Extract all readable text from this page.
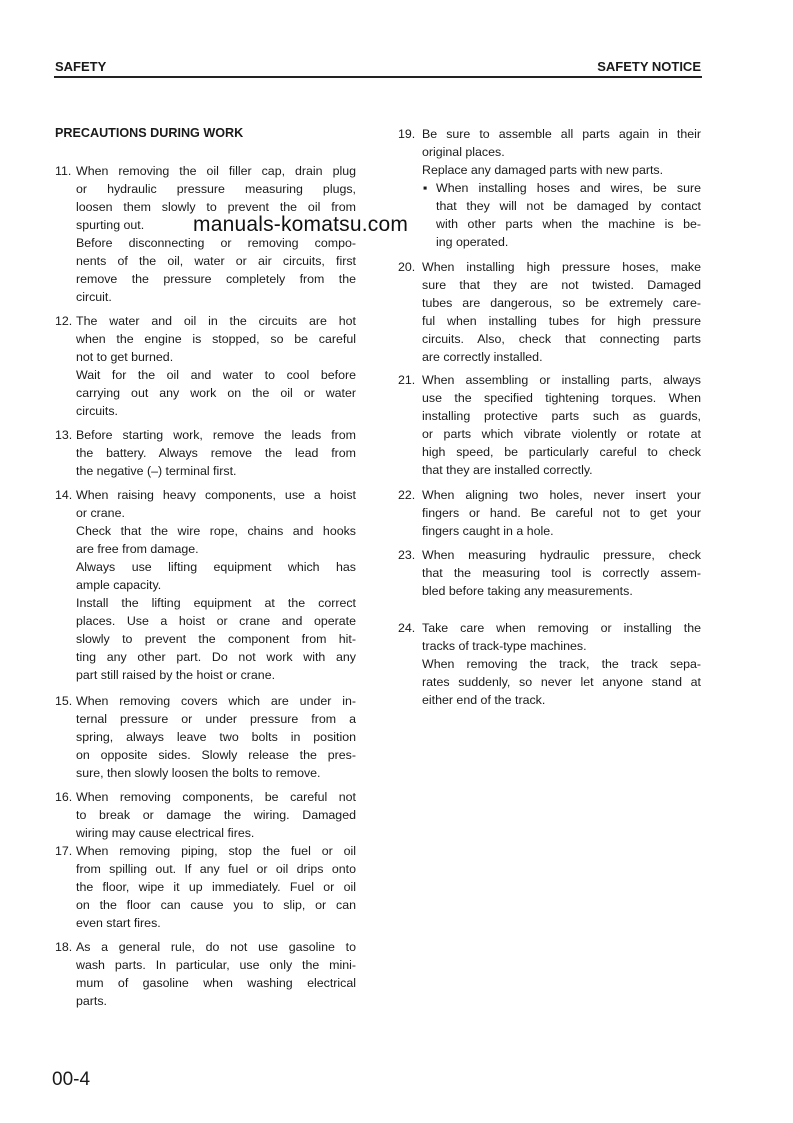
SAFETY	SAFETY NOTICE
PRECAUTIONS DURING WORK
11. When removing the oil filler cap, drain plug
or hydraulic pressure measuring plugs,
loosen them slowly to prevent the oil from
spurting out.
Before disconnecting or removing compo-
nents of the oil, water or air circuits, first
remove the pressure completely from the
circuit.
12. The water and oil in the circuits are hot
when the engine is stopped, so be careful
not to get burned.
Wait for the oil and water to cool before
carrying out any work on the oil or water
circuits.
13. Before starting work, remove the leads from
the battery. Always remove the lead from
the negative (–) terminal first.
14. When raising heavy components, use a hoist
or crane.
Check that the wire rope, chains and hooks
are free from damage.
Always use lifting equipment which has
ample capacity.
Install the lifting equipment at the correct
places. Use a hoist or crane and operate
slowly to prevent the component from hit-
ting any other part. Do not work with any
part still raised by the hoist or crane.
15. When removing covers which are under in-
ternal pressure or under pressure from a
spring, always leave two bolts in position
on opposite sides. Slowly release the pres-
sure, then slowly loosen the bolts to remove.
16. When removing components, be careful not
to break or damage the wiring. Damaged
wiring may cause electrical fires.
17. When removing piping, stop the fuel or oil
from spilling out. If any fuel or oil drips onto
the floor, wipe it up immediately. Fuel or oil
on the floor can cause you to slip, or can
even start fires.
18. As a general rule, do not use gasoline to
wash parts. In particular, use only the mini-
mum of gasoline when washing electrical
parts.
19. Be sure to assemble all parts again in their
original places.
Replace any damaged parts with new parts.
▪ When installing hoses and wires, be sure
that they will not be damaged by contact
with other parts when the machine is be-
ing operated.
20. When installing high pressure hoses, make
sure that they are not twisted. Damaged
tubes are dangerous, so be extremely care-
ful when installing tubes for high pressure
circuits. Also, check that connecting parts
are correctly installed.
21. When assembling or installing parts, always
use the specified tightening torques. When
installing protective parts such as guards,
or parts which vibrate violently or rotate at
high speed, be particularly careful to check
that they are installed correctly.
22. When aligning two holes, never insert your
fingers or hand. Be careful not to get your
fingers caught in a hole.
23. When measuring hydraulic pressure, check
that the measuring tool is correctly assem-
bled before taking any measurements.
24. Take care when removing or installing the
tracks of track-type machines.
When removing the track, the track sepa-
rates suddenly, so never let anyone stand at
either end of the track.
manuals-komatsu.com
00-4
